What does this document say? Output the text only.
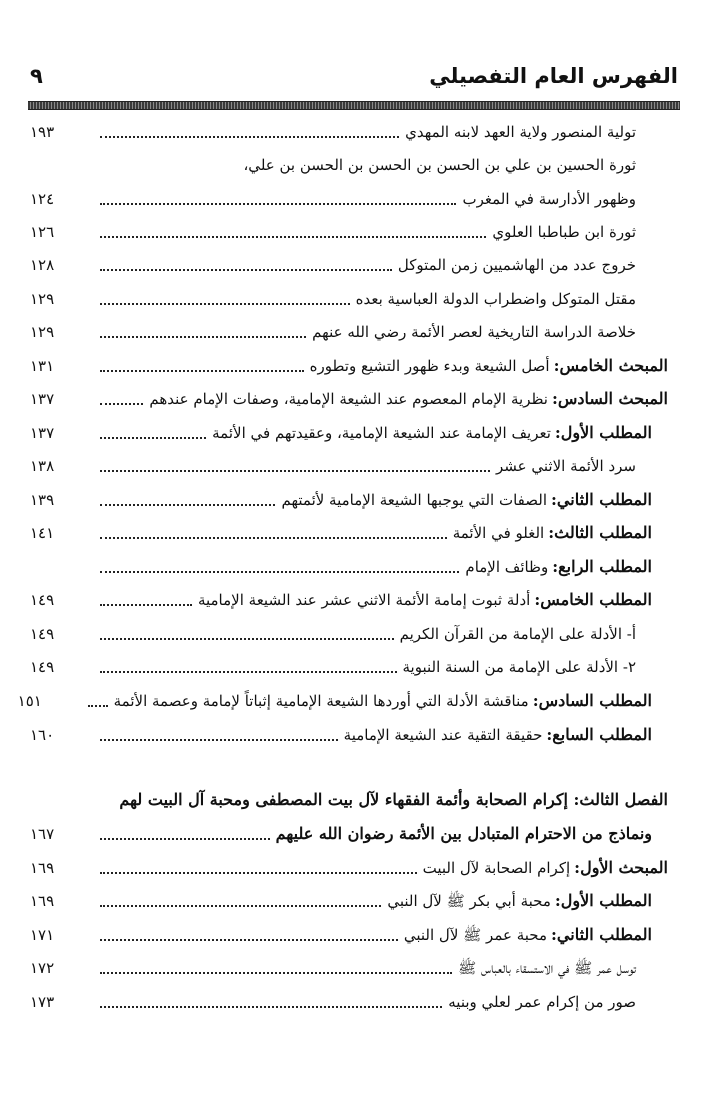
الفهرس العام التفصيلي
٩
تولية المنصور ولاية العهد لابنه المهدي
١٩٣
ثورة الحسين بن علي بن الحسن بن الحسن بن الحسن بن علي،
وظهور الأدارسة في المغرب
١٢٤
ثورة ابن طباطبا العلوي
١٢٦
خروج عدد من الهاشميين زمن المتوكل
١٢٨
مقتل المتوكل واضطراب الدولة العباسية بعده
١٢٩
خلاصة الدراسة التاريخية لعصر الأئمة رضي الله عنهم
١٢٩
المبحث الخامس:
أصل الشيعة وبدء ظهور التشيع وتطوره
١٣١
المبحث السادس:
نظرية الإمام المعصوم عند الشيعة الإمامية، وصفات الإمام عندهم
١٣٧
المطلب الأول:
تعريف الإمامة عند الشيعة الإمامية، وعقيدتهم في الأئمة
١٣٧
سرد الأئمة الاثني عشر
١٣٨
المطلب الثاني:
الصفات التي يوجبها الشيعة الإمامية لأئمتهم
١٣٩
المطلب الثالث:
الغلو في الأئمة
١٤١
المطلب الرابع:
وظائف الإمام
المطلب الخامس:
أدلة ثبوت إمامة الأئمة الاثني عشر عند الشيعة الإمامية
١٤٩
أ- الأدلة على الإمامة من القرآن الكريم
١٤٩
٢- الأدلة على الإمامة من السنة النبوية
١٤٩
المطلب السادس:
مناقشة الأدلة التي أوردها الشيعة الإمامية إثباتاً لإمامة وعصمة الأئمة
١٥١
المطلب السابع:
حقيقة التقية عند الشيعة الإمامية
١٦٠
الفصل الثالث: إكرام الصحابة وأئمة الفقهاء لآل بيت المصطفى ومحبة آل البيت لهم
ونماذج من الاحترام المتبادل بين الأئمة رضوان الله عليهم
١٦٧
المبحث الأول:
إكرام الصحابة لآل البيت
١٦٩
المطلب الأول:
محبة أبي بكر ﷺ لآل النبي
١٦٩
المطلب الثاني:
محبة عمر ﷺ لآل النبي
١٧١
توسل عمر ﷺ في الاستسقاء بالعباس ﷺ
١٧٢
صور من إكرام عمر لعلي وبنيه
١٧٣
